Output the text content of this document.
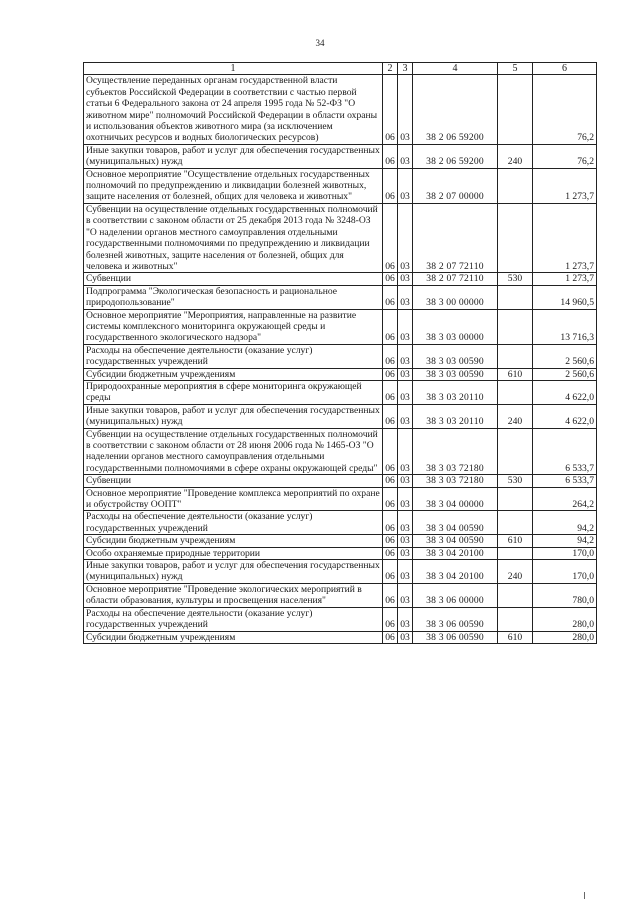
34
1	2	3	4	5	6
Осуществление переданных органам государственной власти субъектов Российской Федерации в соответствии с частью первой статьи 6 Федерального закона от 24 апреля 1995 года № 52-ФЗ "О животном мире" полномочий Российской Федерации в области охраны и использования объектов животного мира (за исключением охотничьих ресурсов и водных биологических ресурсов)	06	03	38 2 06 59200		76,2
Иные закупки товаров, работ и услуг для обеспечения государственных (муниципальных) нужд	06	03	38 2 06 59200	240	76,2
Основное мероприятие "Осуществление отдельных государственных полномочий по предупреждению и ликвидации болезней животных, защите населения от болезней, общих для человека и животных"	06	03	38 2 07 00000		1 273,7
Субвенции на осуществление отдельных государственных полномочий в соответствии с законом области от 25 декабря 2013 года № 3248-ОЗ "О наделении органов местного самоуправления отдельными государственными полномочиями по предупреждению и ликвидации болезней животных, защите населения от болезней, общих для человека и животных"	06	03	38 2 07 72110		1 273,7
Субвенции	06	03	38 2 07 72110	530	1 273,7
Подпрограмма "Экологическая безопасность и рациональное природопользование"	06	03	38 3 00 00000		14 960,5
Основное мероприятие "Мероприятия, направленные на развитие системы комплексного мониторинга окружающей среды и государственного экологического надзора"	06	03	38 3 03 00000		13 716,3
Расходы на обеспечение деятельности (оказание услуг) государственных учреждений	06	03	38 3 03 00590		2 560,6
Субсидии бюджетным учреждениям	06	03	38 3 03 00590	610	2 560,6
Природоохранные мероприятия в сфере мониторинга окружающей среды	06	03	38 3 03 20110		4 622,0
Иные закупки товаров, работ и услуг для обеспечения государственных (муниципальных) нужд	06	03	38 3 03 20110	240	4 622,0
Субвенции на осуществление отдельных государственных полномочий в соответствии с законом области от 28 июня 2006 года № 1465-ОЗ "О наделении органов местного самоуправления отдельными государственными полномочиями в сфере охраны окружающей среды"	06	03	38 3 03 72180		6 533,7
Субвенции	06	03	38 3 03 72180	530	6 533,7
Основное мероприятие "Проведение комплекса мероприятий по охране и обустройству ООПТ"	06	03	38 3 04 00000		264,2
Расходы на обеспечение деятельности (оказание услуг) государственных учреждений	06	03	38 3 04 00590		94,2
Субсидии бюджетным учреждениям	06	03	38 3 04 00590	610	94,2
Особо охраняемые природные территории	06	03	38 3 04 20100		170,0
Иные закупки товаров, работ и услуг для обеспечения государственных (муниципальных) нужд	06	03	38 3 04 20100	240	170,0
Основное мероприятие "Проведение экологических мероприятий в области образования, культуры и просвещения населения"	06	03	38 3 06 00000		780,0
Расходы на обеспечение деятельности (оказание услуг) государственных учреждений	06	03	38 3 06 00590		280,0
Субсидии бюджетным учреждениям	06	03	38 3 06 00590	610	280,0
